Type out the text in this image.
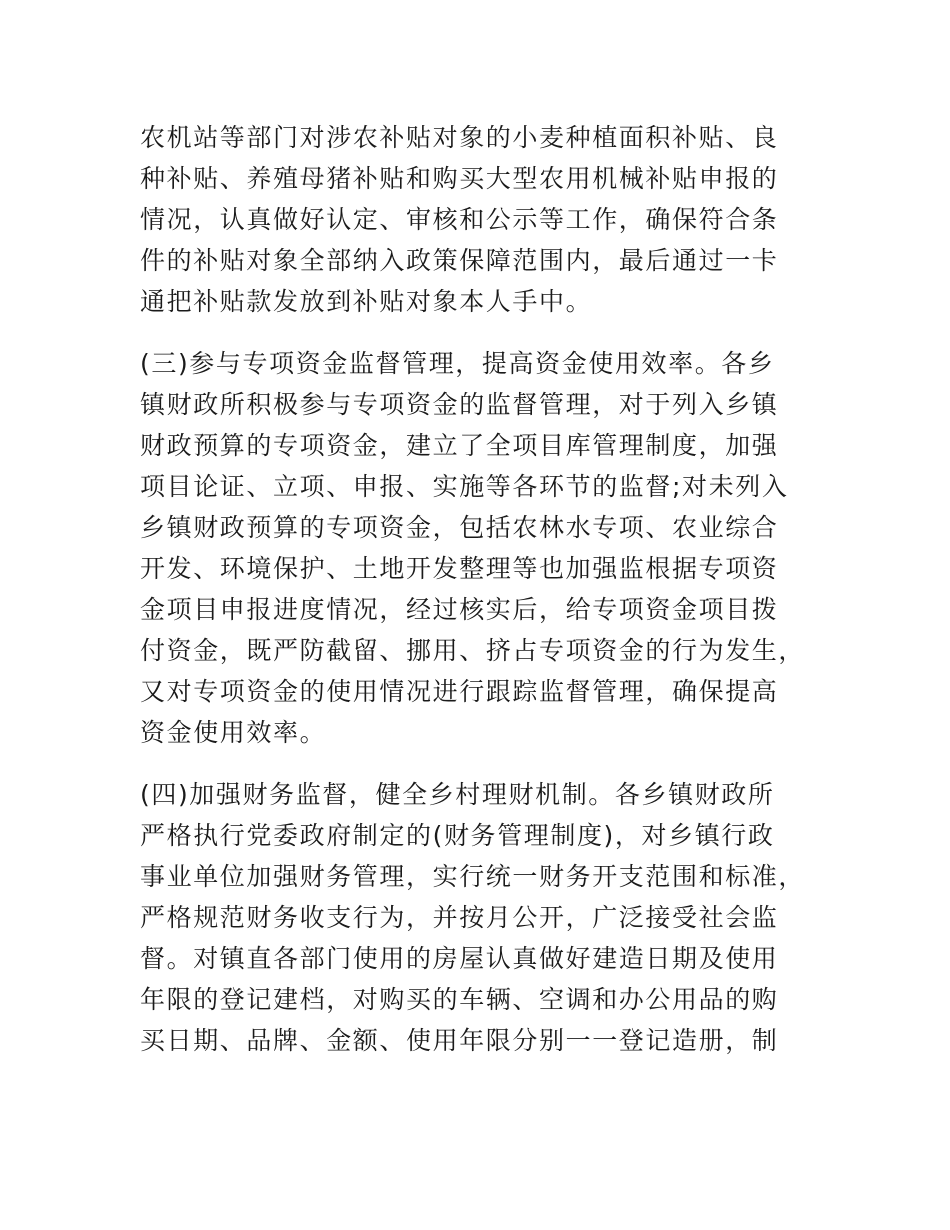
农机站等部门对涉农补贴对象的小麦种植面积补贴、良
种补贴、养殖母猪补贴和购买大型农用机械补贴申报的
情况，认真做好认定、审核和公示等工作，确保符合条
件的补贴对象全部纳入政策保障范围内，最后通过一卡
通把补贴款发放到补贴对象本人手中。
(三)参与专项资金监督管理，提高资金使用效率。各乡
镇财政所积极参与专项资金的监督管理，对于列入乡镇
财政预算的专项资金，建立了全项目库管理制度，加强
项目论证、立项、申报、实施等各环节的监督;对未列入
乡镇财政预算的专项资金，包括农林水专项、农业综合
开发、环境保护、土地开发整理等也加强监根据专项资
金项目申报进度情况，经过核实后，给专项资金项目拨
付资金，既严防截留、挪用、挤占专项资金的行为发生，
又对专项资金的使用情况进行跟踪监督管理，确保提高
资金使用效率。
(四)加强财务监督，健全乡村理财机制。各乡镇财政所
严格执行党委政府制定的(财务管理制度)，对乡镇行政
事业单位加强财务管理，实行统一财务开支范围和标准，
严格规范财务收支行为，并按月公开，广泛接受社会监
督。对镇直各部门使用的房屋认真做好建造日期及使用
年限的登记建档，对购买的车辆、空调和办公用品的购
买日期、品牌、金额、使用年限分别一一登记造册，制
